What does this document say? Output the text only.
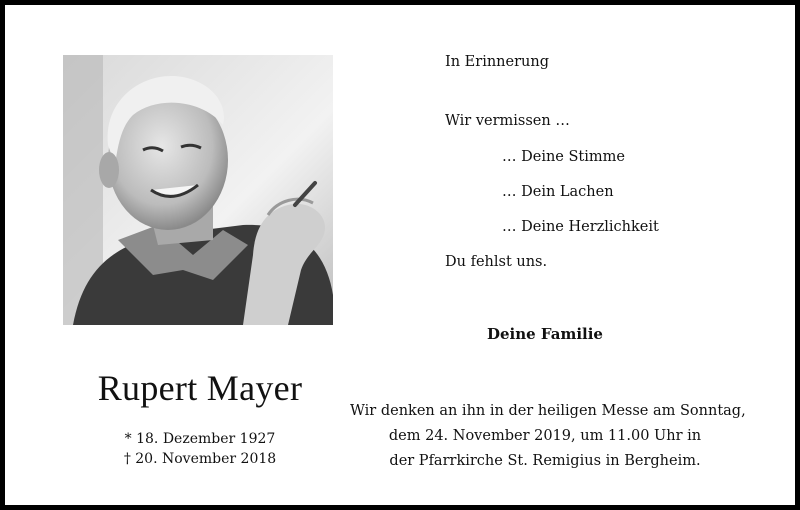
Rupert Mayer
* 18. Dezember 1927
† 20. November 2018
In Erinnerung
Wir vermissen …
… Deine Stimme
… Dein Lachen
… Deine Herzlichkeit
Du fehlst uns.
Deine Familie
Wir denken an ihn in der heiligen Messe am Sonntag,
dem 24. November 2019, um 11.00 Uhr in
der Pfarrkirche St. Remigius in Bergheim.
